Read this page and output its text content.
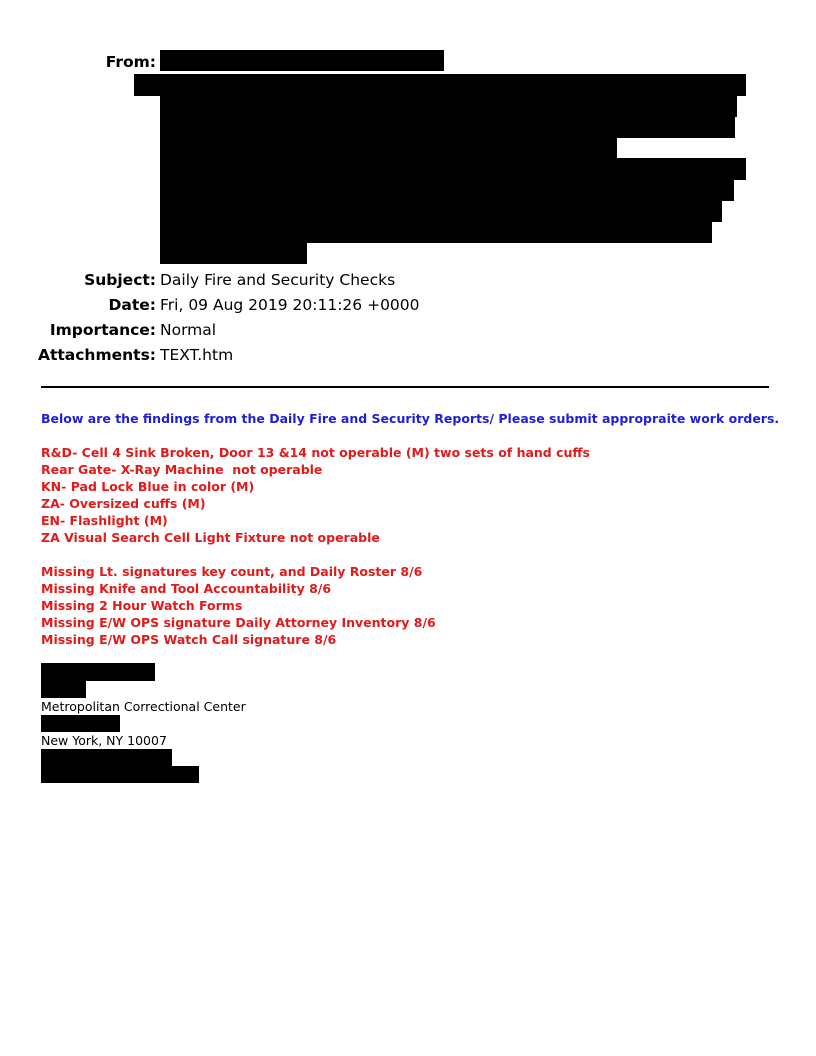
From:
Subject: Daily Fire and Security Checks
Date: Fri, 09 Aug 2019 20:11:26 +0000
Importance: Normal
Attachments: TEXT.htm
Below are the findings from the Daily Fire and Security Reports/ Please submit appropraite work orders.
R&D- Cell 4 Sink Broken, Door 13 &14 not operable (M) two sets of hand cuffs
Rear Gate- X-Ray Machine  not operable
KN- Pad Lock Blue in color (M)
ZA- Oversized cuffs (M)
EN- Flashlight (M)
ZA Visual Search Cell Light Fixture not operable
Missing Lt. signatures key count, and Daily Roster 8/6
Missing Knife and Tool Accountability 8/6
Missing 2 Hour Watch Forms
Missing E/W OPS signature Daily Attorney Inventory 8/6
Missing E/W OPS Watch Call signature 8/6
Metropolitan Correctional Center
New York, NY 10007
